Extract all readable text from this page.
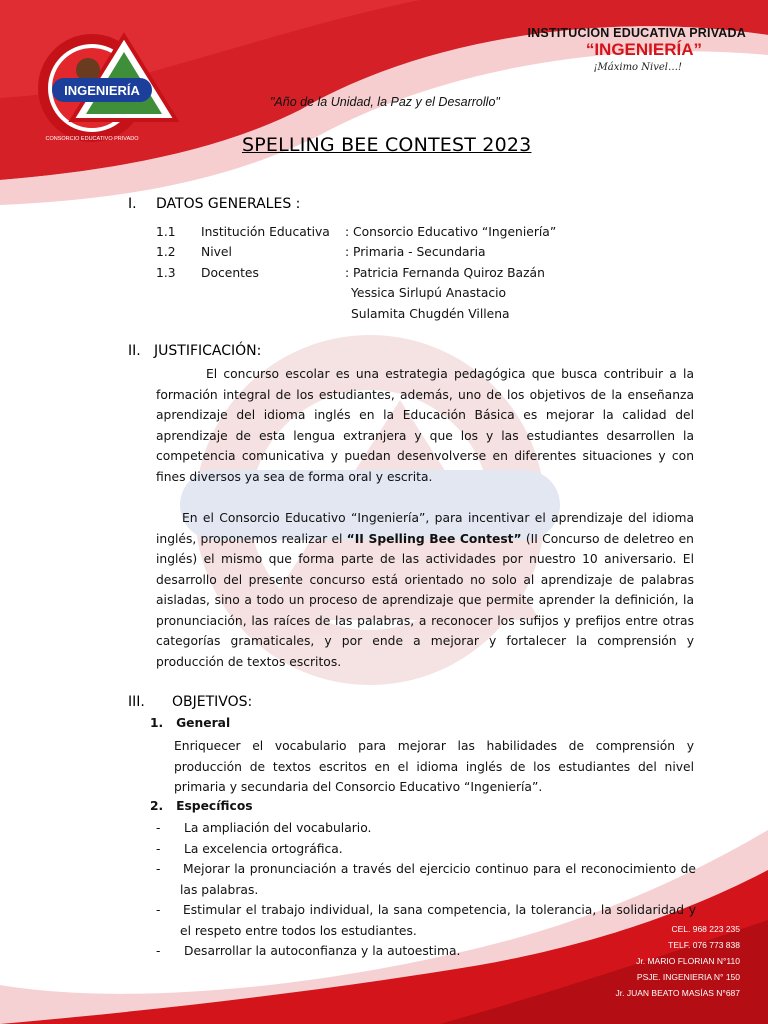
INGENIERÍA
CONSORCIO EDUCATIVO PRIVADO
INSTITUCION EDUCATIVA PRIVADA
“INGENIERÍA”
¡Máximo Nivel…!
"Año de la Unidad, la Paz y el Desarrollo"
SPELLING BEE CONTEST 2023
I. DATOS GENERALES :
1.1 Institución Educativa : Consorcio Educativo “Ingeniería”
1.2 Nivel	: Primaria - Secundaria
1.3 Docentes	: Patricia Fernanda Quiroz Bazán
Yessica Sirlupú Anastacio
Sulamita Chugdén Villena
II. JUSTIFICACIÓN:
El concurso escolar es una estrategia pedagógica que busca contribuir a la formación integral de los estudiantes, además, uno de los objetivos de la enseñanza aprendizaje del idioma inglés en la Educación Básica es mejorar la calidad del aprendizaje de esta lengua extranjera y que los y las estudiantes desarrollen la competencia comunicativa y puedan desenvolverse en diferentes situaciones y con fines diversos ya sea de forma oral y escrita.
En el Consorcio Educativo “Ingeniería”, para incentivar el aprendizaje del idioma inglés, proponemos realizar el “II Spelling Bee Contest” (II Concurso de deletreo en inglés) el mismo que forma parte de las actividades por nuestro 10 aniversario. El desarrollo del presente concurso está orientado no solo al aprendizaje de palabras aisladas, sino a todo un proceso de aprendizaje que permite aprender la definición, la pronunciación, las raíces de las palabras, a reconocer los sufijos y prefijos entre otras categorías gramaticales, y por ende a mejorar y fortalecer la comprensión y producción de textos escritos.
III. OBJETIVOS:
1.   General
Enriquecer el vocabulario para mejorar las habilidades de comprensión y producción de textos escritos en el idioma inglés de los estudiantes del nivel primaria y secundaria del Consorcio Educativo “Ingeniería”.
2.   Específicos
- La ampliación del vocabulario.
- La excelencia ortográfica.
- Mejorar la pronunciación a través del ejercicio continuo para el reconocimiento de las palabras.
- Estimular el trabajo individual, la sana competencia, la tolerancia, la solidaridad y el respeto entre todos los estudiantes.
- Desarrollar la autoconfianza y la autoestima.
CEL. 968 223 235
TELF. 076 773 838
Jr. MARIO FLORIAN N°110
PSJE. INGENIERIA N° 150
Jr. JUAN BEATO MASÍAS N°687
